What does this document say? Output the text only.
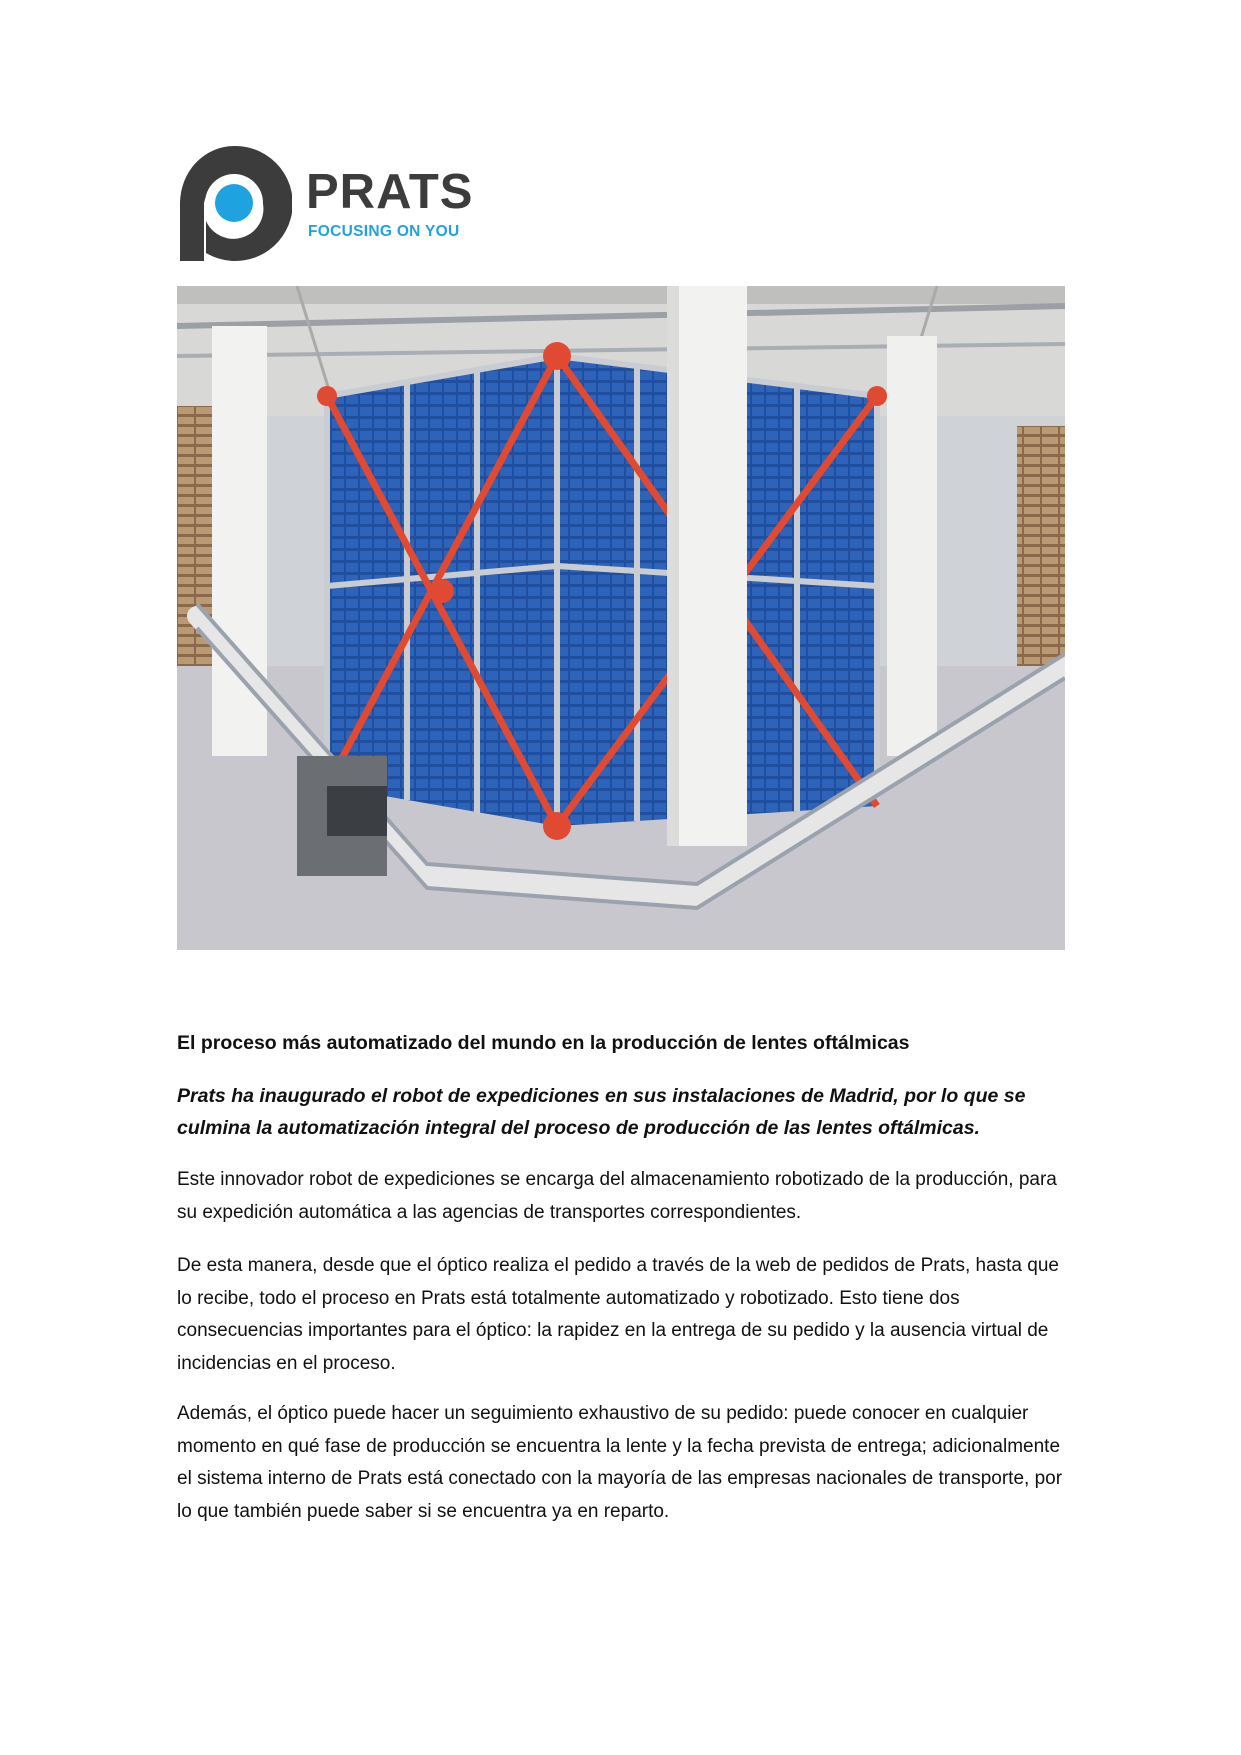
PRATS
FOCUSING ON YOU

El proceso más automatizado del mundo en la producción de lentes oftálmicas

Prats ha inaugurado el robot de expediciones en sus instalaciones de Madrid, por lo que se culmina la automatización integral del proceso de producción de las lentes oftálmicas.

Este innovador robot de expediciones se encarga del almacenamiento robotizado de la producción, para su expedición automática a las agencias de transportes correspondientes.

De esta manera, desde que el óptico realiza el pedido a través de la web de pedidos de Prats, hasta que lo recibe, todo el proceso en Prats está totalmente automatizado y robotizado. Esto tiene dos consecuencias importantes para el óptico: la rapidez en la entrega de su pedido y la ausencia virtual de incidencias en el proceso.

Además, el óptico puede hacer un seguimiento exhaustivo de su pedido: puede conocer en cualquier momento en qué fase de producción se encuentra la lente y la fecha prevista de entrega; adicionalmente el sistema interno de Prats está conectado con la mayoría de las empresas nacionales de transporte, por lo que también puede saber si se encuentra ya en reparto.
